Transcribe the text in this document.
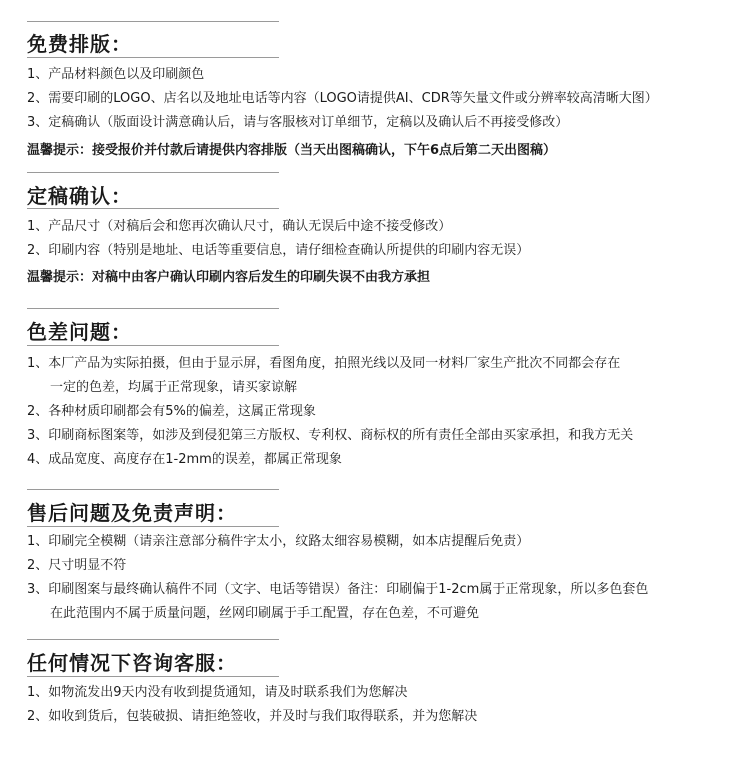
免费排版：
1、产品材料颜色以及印刷颜色
2、需要印刷的LOGO、店名以及地址电话等内容（LOGO请提供AI、CDR等矢量文件或分辨率较高清晰大图）
3、定稿确认（版面设计满意确认后，请与客服核对订单细节，定稿以及确认后不再接受修改）
温馨提示：接受报价并付款后请提供内容排版（当天出图稿确认，下午6点后第二天出图稿）
定稿确认：
1、产品尺寸（对稿后会和您再次确认尺寸，确认无误后中途不接受修改）
2、印刷内容（特别是地址、电话等重要信息，请仔细检查确认所提供的印刷内容无误）
温馨提示：对稿中由客户确认印刷内容后发生的印刷失误不由我方承担
色差问题：
1、本厂产品为实际拍摄，但由于显示屏，看图角度，拍照光线以及同一材料厂家生产批次不同都会存在
一定的色差，均属于正常现象，请买家谅解
2、各种材质印刷都会有5%的偏差，这属正常现象
3、印刷商标图案等，如涉及到侵犯第三方版权、专利权、商标权的所有责任全部由买家承担，和我方无关
4、成品宽度、高度存在1-2mm的误差，都属正常现象
售后问题及免责声明：
1、印刷完全模糊（请亲注意部分稿件字太小，纹路太细容易模糊，如本店提醒后免责）
2、尺寸明显不符
3、印刷图案与最终确认稿件不同（文字、电话等错误）备注：印刷偏于1-2cm属于正常现象，所以多色套色
在此范围内不属于质量问题，丝网印刷属于手工配置，存在色差，不可避免
任何情况下咨询客服：
1、如物流发出9天内没有收到提货通知，请及时联系我们为您解决
2、如收到货后，包装破损、请拒绝签收，并及时与我们取得联系，并为您解决
